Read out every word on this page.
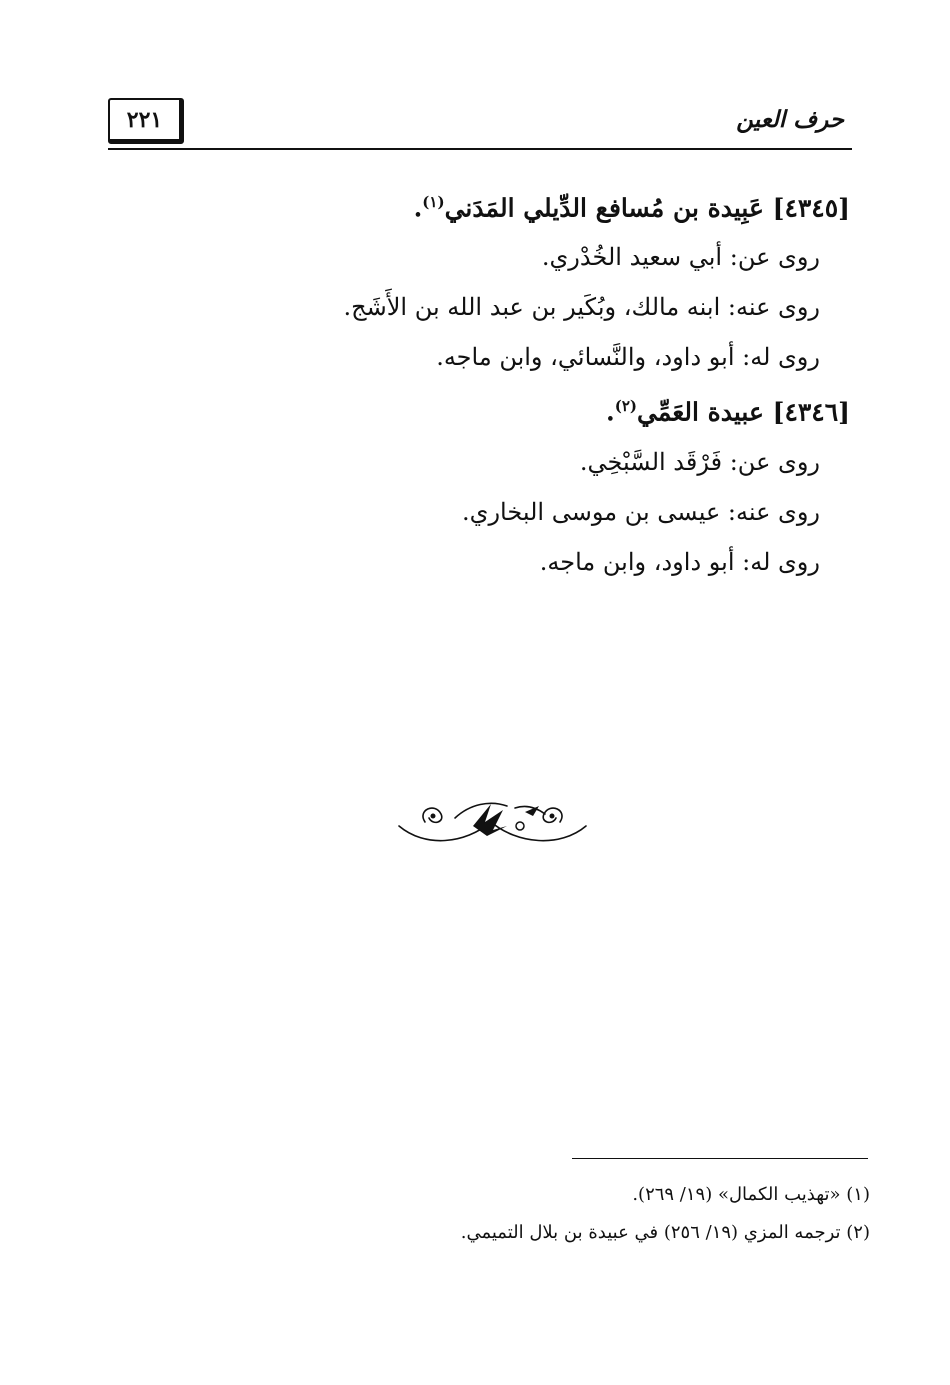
٢٢١	حرف العين

[٤٣٤٥] عَبِيدة بن مُسافع الدِّيلي المَدَني$^{(١)}$.

روى عن: أبي سعيد الخُدْري.

روى عنه: ابنه مالك، وبُكَير بن عبد الله بن الأَشَج.

روى له: أبو داود، والنَّسائي، وابن ماجه.

[٤٣٤٦] عبيدة العَمِّي$^{(٢)}$.

روى عن: فَرْقَد السَّبْخِي.

روى عنه: عيسى بن موسى البخاري.

روى له: أبو داود، وابن ماجه.

(١) «تهذيب الكمال» (١٩/ ٢٦٩).

(٢) ترجمه المزي (١٩/ ٢٥٦) في عبيدة بن بلال التميمي.
